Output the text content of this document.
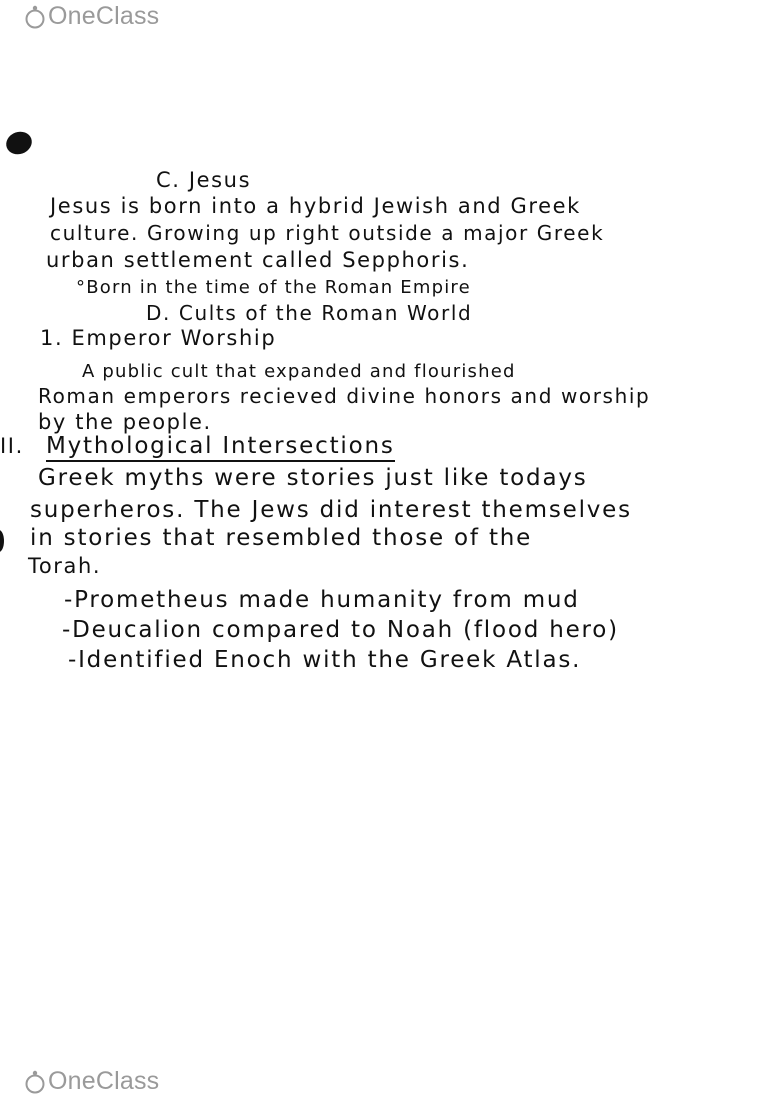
OneClass
C. Jesus
Jesus is born into a hybrid Jewish and Greek
culture. Growing up right outside a major Greek
urban settlement called Sepphoris.
°Born in the time of the Roman Empire
D. Cults of the Roman World
1. Emperor Worship
A public cult that expanded and flourished
Roman emperors recieved divine honors and worship
by the people.
II. Mythological Intersections
Greek myths were stories just like todays
superheros. The Jews did interest themselves
in stories that resembled those of the
Torah.
-Prometheus made humanity from mud
-Deucalion compared to Noah (flood hero)
-Identified Enoch with the Greek Atlas.
OneClass
